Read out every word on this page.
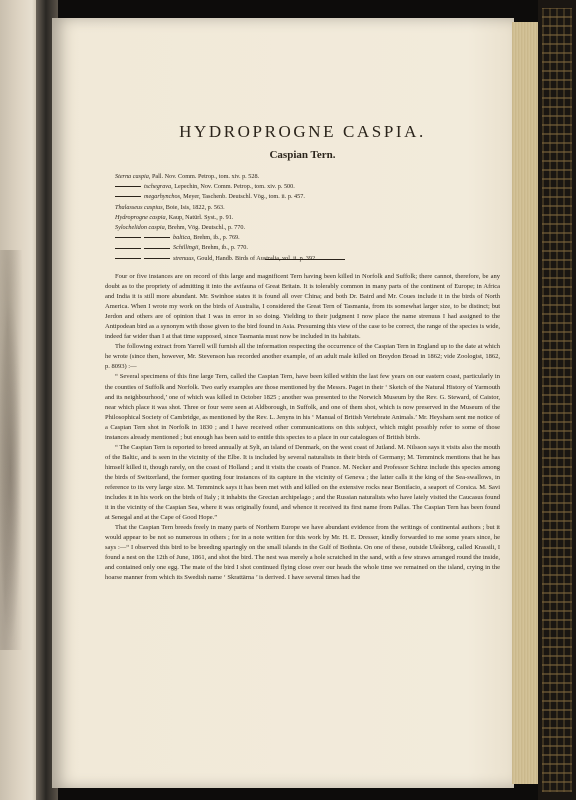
HYDROPROGNE CASPIA.
Caspian Tern.
Sterna caspia, Pall. Nov. Comm. Petrop., tom. xiv. p. 528.
tschegrava, Lepechin, Nov. Comm. Petrop., tom. xiv. p. 500.
megarhynchos, Meyer, Taschenb. Deutschl. Vög., tom. ii. p. 457.
Thalasseus caspius, Boie, Isis, 1822, p. 563.
Hydroprogne caspia, Kaup, Natürl. Syst., p. 91.
Sylochelidon caspia, Brehm, Vög. Deutschl., p. 770.
baltica, Brehm, ib., p. 769.
Schillingii, Brehm, ib., p. 770.
strenuus, Gould, Handb. Birds of Australia, vol. ii. p. 392.

Four or five instances are on record of this large and magnificent Tern having been killed in Norfolk and Suffolk; there cannot, therefore, be any doubt as to the propriety of admitting it into the avifauna of Great Britain. It is tolerably common in many parts of the continent of Europe; in Africa and India it is still more abundant. Mr. Swinhoe states it is found all over China; and both Dr. Baird and Mr. Coues include it in the birds of North America. When I wrote my work on the birds of Australia, I considered the Great Tern of Tasmania, from its somewhat larger size, to be distinct; but Jerdon and others are of opinion that I was in error in so doing. Yielding to their judgment I now place the name strenuus I had assigned to the Antipodean bird as a synonym with those given to the bird found in Asia. Presuming this view of the case to be correct, the range of the species is wide, indeed far wider than I at that time supposed, since Tasmania must now be included in its habitats.

The following extract from Yarrell will furnish all the information respecting the occurrence of the Caspian Tern in England up to the date at which he wrote (since then, however, Mr. Stevenson has recorded another example, of an adult male killed on Breydon Broad in 1862; vide Zoologist, 1862, p. 8093) :—

“ Several specimens of this fine large Tern, called the Caspian Tern, have been killed within the last few years on our eastern coast, particularly in the counties of Suffolk and Norfolk. Two early examples are those mentioned by the Messrs. Paget in their ‘ Sketch of the Natural History of Yarmouth and its neighbourhood,’ one of which was killed in October 1825 ; another was presented to the Norwich Museum by the Rev. G. Steward, of Caistor, near which place it was shot. Three or four were seen at Aldborough, in Suffolk, and one of them shot, which is now preserved in the Museum of the Philosophical Society of Cambridge, as mentioned by the Rev. L. Jenyns in his ‘ Manual of British Vertebrate Animals.’ Mr. Heysham sent me notice of a Caspian Tern shot in Norfolk in 1830 ; and I have received other communications on this subject, which might possibly refer to some of those instances already mentioned ; but enough has been said to entitle this species to a place in our catalogues of British birds.

“ The Caspian Tern is reported to breed annually at Sylt, an island of Denmark, on the west coast of Jutland. M. Nilsson says it visits also the mouth of the Baltic, and is seen in the vicinity of the Elbe. It is included by several naturalists in their birds of Germany; M. Temminck mentions that he has himself killed it, though rarely, on the coast of Holland ; and it visits the coasts of France. M. Necker and Professor Schinz include this species among the birds of Switzerland, the former quoting four instances of its capture in the vicinity of Geneva ; the latter calls it the king of the Sea-swallows, in reference to its very large size. M. Temminck says it has been met with and killed on the extensive rocks near Bonifacio, a seaport of Corsica. M. Savi includes it in his work on the birds of Italy ; it inhabits the Grecian archipelago ; and the Russian naturalists who have lately visited the Caucasus found it in the vicinity of the Caspian Sea, where it was originally found, and whence it received its first name from Pallas. The Caspian Tern has been found at Senegal and at the Cape of Good Hope.”

That the Caspian Tern breeds freely in many parts of Northern Europe we have abundant evidence from the writings of continental authors ; but it would appear to be not so numerous in others ; for in a note written for this work by Mr. H. E. Dresser, kindly forwarded to me some years since, he says :—“ I observed this bird to be breeding sparingly on the small islands in the Gulf of Bothnia. On one of these, outside Uleåborg, called Krassili, I found a nest on the 12th of June, 1861, and shot the bird. The nest was merely a hole scratched in the sand, with a few straws arranged round the inside, and contained only one egg. The mate of the bird I shot continued flying close over our heads the whole time we remained on the island, crying in the hoarse manner from which its Swedish name ‘ Skrattärna ’ is derived. I have several times had the
